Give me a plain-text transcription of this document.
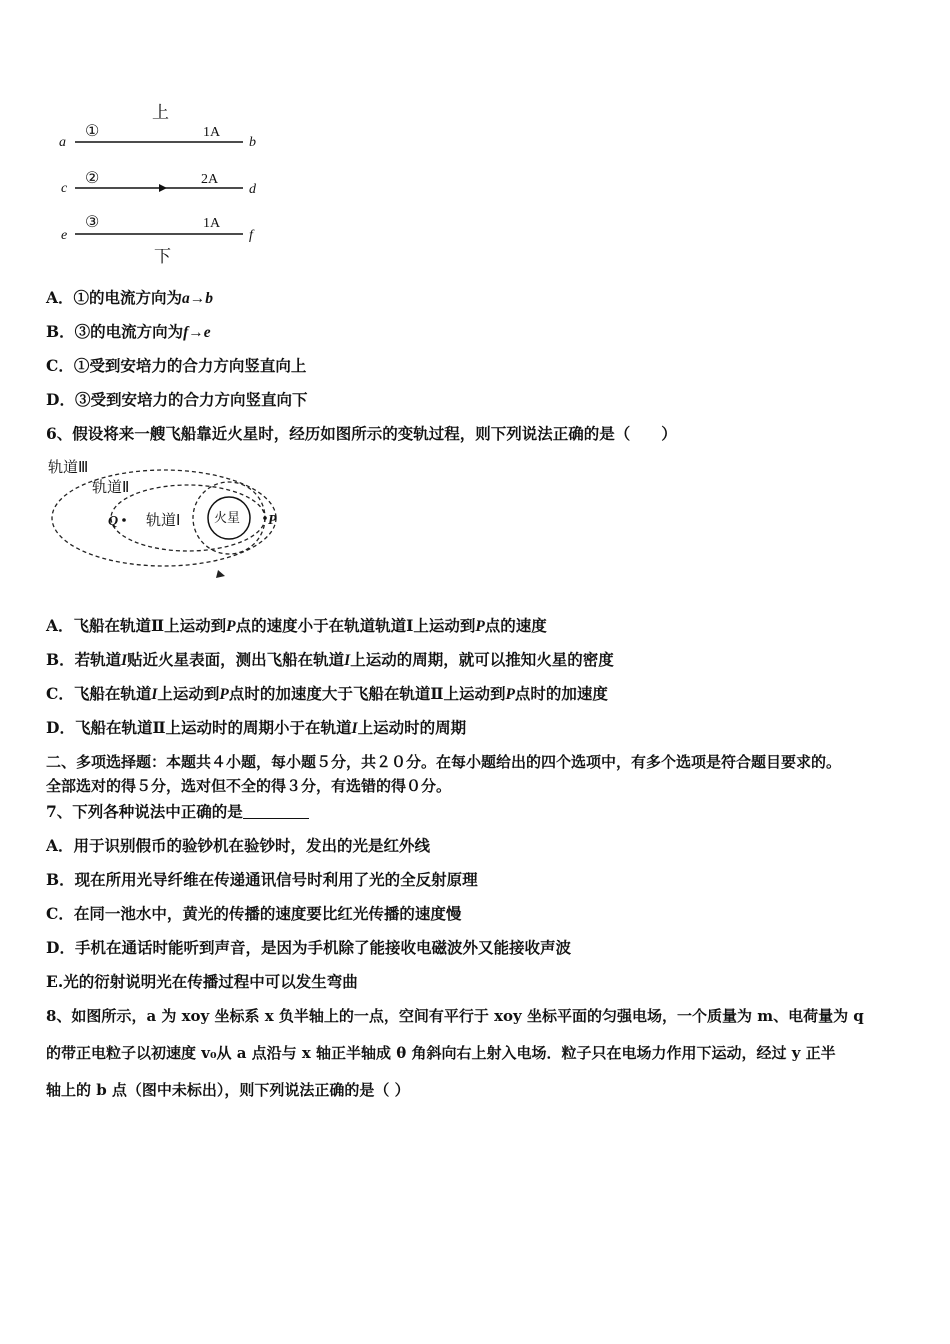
上
a
①	1A
b
c
②	2A
d
e
③	1A
f
下
A．①的电流方向为a→b
B．③的电流方向为f→e
C．①受到安培力的合力方向竖直向上
D．③受到安培力的合力方向竖直向下
6、假设将来一艘飞船靠近火星时，经历如图所示的变轨过程，则下列说法正确的是（　　）
轨道Ⅲ
轨道Ⅱ
轨道Ⅰ	火星
Q	P
A．飞船在轨道Ⅱ上运动到P点的速度小于在轨道轨道Ⅰ上运动到P点的速度
B．若轨道I贴近火星表面，测出飞船在轨道I上运动的周期，就可以推知火星的密度
C．飞船在轨道I上运动到P点时的加速度大于飞船在轨道Ⅱ上运动到P点时的加速度
D．飞船在轨道Ⅱ上运动时的周期小于在轨道I上运动时的周期
二、多项选择题：本题共４小题，每小题５分，共２０分。在每小题给出的四个选项中，有多个选项是符合题目要求的。
全部选对的得５分，选对但不全的得３分，有选错的得０分。
7、下列各种说法中正确的是
A．用于识别假币的验钞机在验钞时，发出的光是红外线
B．现在所用光导纤维在传递通讯信号时利用了光的全反射原理
C．在同一池水中，黄光的传播的速度要比红光传播的速度慢
D．手机在通话时能听到声音，是因为手机除了能接收电磁波外又能接收声波
E.光的衍射说明光在传播过程中可以发生弯曲
8、如图所示，a 为 xoy 坐标系 x 负半轴上的一点，空间有平行于 xoy 坐标平面的匀强电场，一个质量为 m、电荷量为 q
的带正电粒子以初速度 v₀从 a 点沿与 x 轴正半轴成 θ 角斜向右上射入电场．粒子只在电场力作用下运动，经过 y 正半
轴上的 b 点（图中未标出），则下列说法正确的是（ ）
